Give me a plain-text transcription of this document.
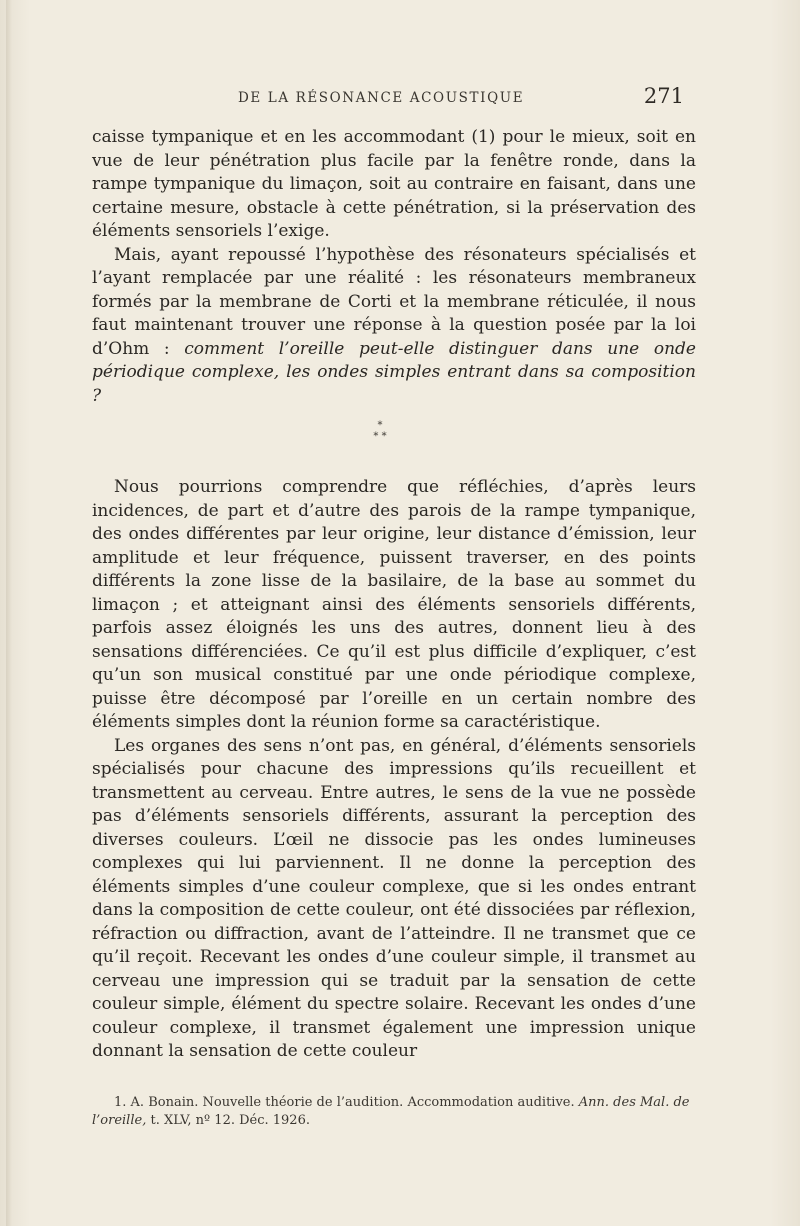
DE LA RÉSONANCE ACOUSTIQUE	271

caisse tympanique et en les accommodant (1) pour le mieux, soit en vue de leur pénétration plus facile par la fenêtre ronde, dans la rampe tympanique du limaçon, soit au contraire en faisant, dans une certaine mesure, obstacle à cette pénétration, si la préservation des éléments sensoriels l’exige.

Mais, ayant repoussé l’hypothèse des résonateurs spécialisés et l’ayant remplacée par une réalité : les résonateurs membraneux formés par la membrane de Corti et la membrane réticulée, il nous faut maintenant trouver une réponse à la question posée par la loi d’Ohm : comment l’oreille peut-elle distinguer dans une onde périodique complexe, les ondes simples entrant dans sa composition ?

*
* *

Nous pourrions comprendre que réfléchies, d’après leurs incidences, de part et d’autre des parois de la rampe tympanique, des ondes différentes par leur origine, leur distance d’émission, leur amplitude et leur fréquence, puissent traverser, en des points différents la zone lisse de la basilaire, de la base au sommet du limaçon ; et atteignant ainsi des éléments sensoriels différents, parfois assez éloignés les uns des autres, donnent lieu à des sensations différenciées. Ce qu’il est plus difficile d’expliquer, c’est qu’un son musical constitué par une onde périodique complexe, puisse être décomposé par l’oreille en un certain nombre des éléments simples dont la réunion forme sa caractéristique.

Les organes des sens n’ont pas, en général, d’éléments sensoriels spécialisés pour chacune des impressions qu’ils recueillent et transmettent au cerveau. Entre autres, le sens de la vue ne possède pas d’éléments sensoriels différents, assurant la perception des diverses couleurs. L’œil ne dissocie pas les ondes lumineuses complexes qui lui parviennent. Il ne donne la perception des éléments simples d’une couleur complexe, que si les ondes entrant dans la composition de cette couleur, ont été dissociées par réflexion, réfraction ou diffraction, avant de l’atteindre. Il ne transmet que ce qu’il reçoit. Recevant les ondes d’une couleur simple, il transmet au cerveau une impression qui se traduit par la sensation de cette couleur simple, élément du spectre solaire. Recevant les ondes d’une couleur complexe, il transmet également une impression unique donnant la sensation de cette couleur

1. A. Bonain. Nouvelle théorie de l’audition. Accommodation auditive. Ann. des Mal. de l’oreille, t. XLV, nº 12. Déc. 1926.
